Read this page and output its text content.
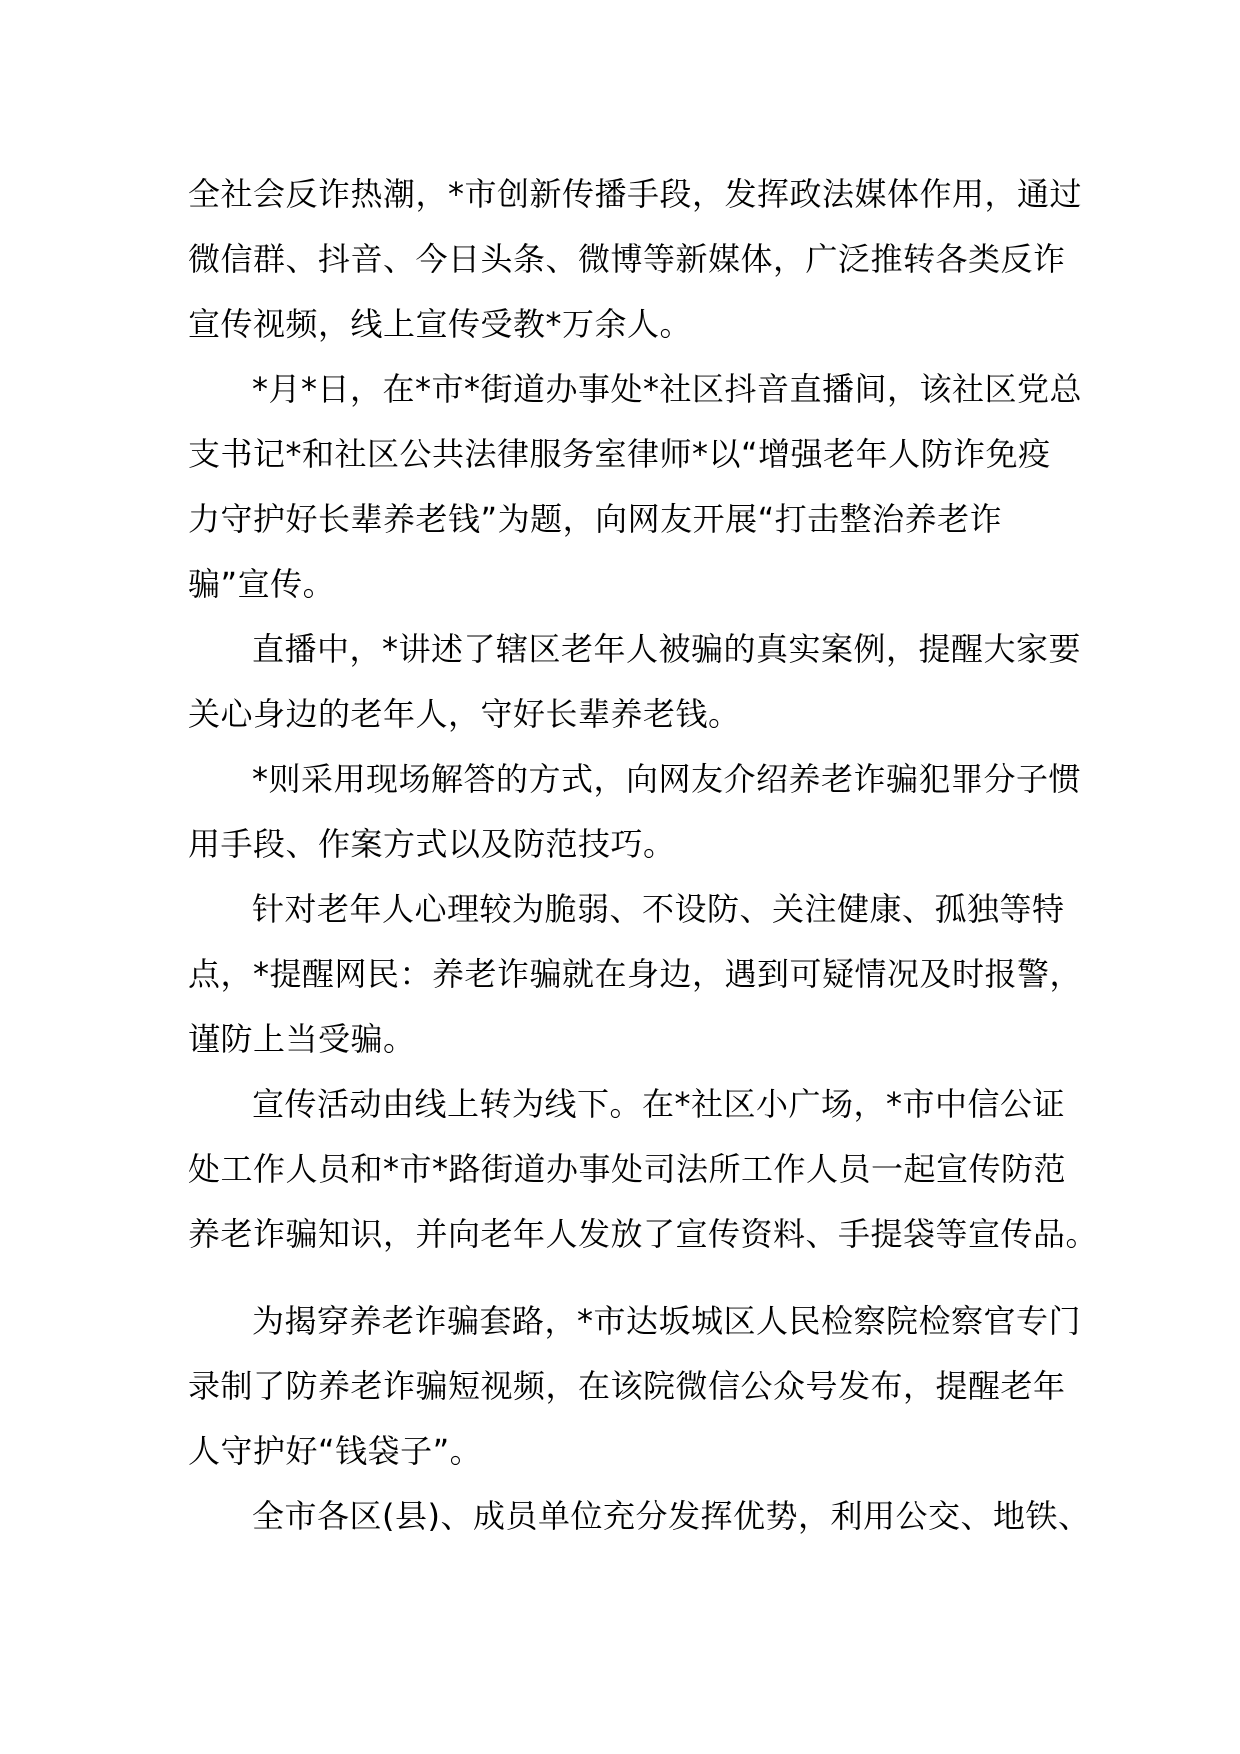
全社会反诈热潮，*市创新传播手段，发挥政法媒体作用，通过
微信群、抖音、今日头条、微博等新媒体，广泛推转各类反诈
宣传视频，线上宣传受教*万余人。
*月*日，在*市*街道办事处*社区抖音直播间，该社区党总
支书记*和社区公共法律服务室律师*以“增强老年人防诈免疫
力守护好长辈养老钱”为题，向网友开展“打击整治养老诈
骗”宣传。
直播中，*讲述了辖区老年人被骗的真实案例，提醒大家要
关心身边的老年人，守好长辈养老钱。
*则采用现场解答的方式，向网友介绍养老诈骗犯罪分子惯
用手段、作案方式以及防范技巧。
针对老年人心理较为脆弱、不设防、关注健康、孤独等特
点，*提醒网民：养老诈骗就在身边，遇到可疑情况及时报警，
谨防上当受骗。
宣传活动由线上转为线下。在*社区小广场，*市中信公证
处工作人员和*市*路街道办事处司法所工作人员一起宣传防范
养老诈骗知识，并向老年人发放了宣传资料、手提袋等宣传品。
为揭穿养老诈骗套路，*市达坂城区人民检察院检察官专门
录制了防养老诈骗短视频，在该院微信公众号发布，提醒老年
人守护好“钱袋子”。
全市各区(县)、成员单位充分发挥优势，利用公交、地铁、
